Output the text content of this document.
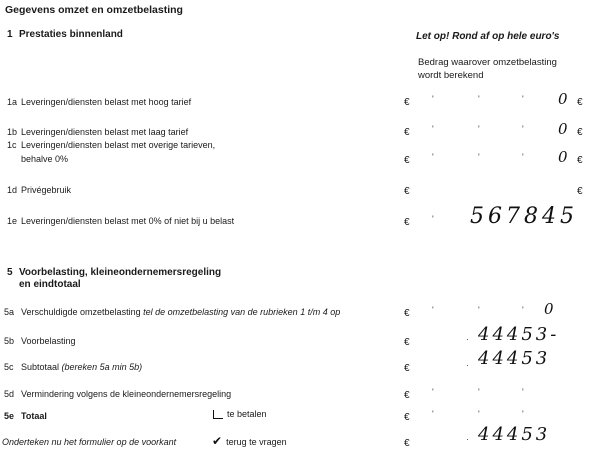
Gegevens omzet en omzetbelasting
1 Prestaties binnenland	Let op! Rond af op hele euro's
Bedrag waarover omzetbelasting
wordt berekend
1a Leveringen/diensten belast met hoog tarief	€ '	'	' 0 €
1b Leveringen/diensten belast met laag tarief	€ '	'	' 0 €
1c Leveringen/diensten belast met overige tarieven,
behalve 0%	€ '	'	' 0 €
1d Privégebruik	€	€
1e Leveringen/diensten belast met 0% of niet bij u belast	€ ' 567845
5 Voorbelasting, kleineondernemersregeling
en eindtotaal
5a Verschuldigde omzetbelasting tel de omzetbelasting van de rubrieken 1 t/m 4 op	€ '	'	' 0
5b Voorbelasting	€	· 44453-
5c Subtotaal (bereken 5a min 5b)	€	· 44453
5d Vermindering volgens de kleineondernemersregeling	€ '	'	'
5e Totaal	te betalen	€ '	'	'
Onderteken nu het formulier op de voorkant	✔ terug te vragen	€	· 44453
